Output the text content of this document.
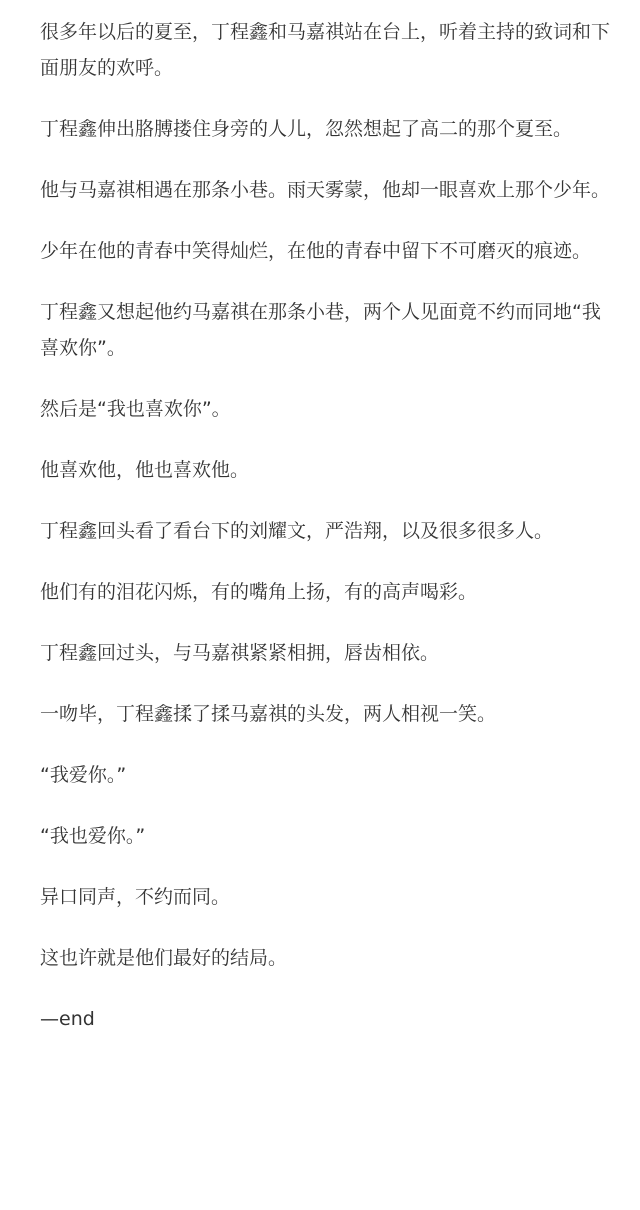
很多年以后的夏至，丁程鑫和马嘉祺站在台上，听着主持的致词和下面朋友的欢呼。

丁程鑫伸出胳膊搂住身旁的人儿，忽然想起了高二的那个夏至。

他与马嘉祺相遇在那条小巷。雨天雾蒙，他却一眼喜欢上那个少年。

少年在他的青春中笑得灿烂，在他的青春中留下不可磨灭的痕迹。

丁程鑫又想起他约马嘉祺在那条小巷，两个人见面竟不约而同地“我喜欢你”。

然后是“我也喜欢你”。

他喜欢他，他也喜欢他。

丁程鑫回头看了看台下的刘耀文，严浩翔，以及很多很多人。

他们有的泪花闪烁，有的嘴角上扬，有的高声喝彩。

丁程鑫回过头，与马嘉祺紧紧相拥，唇齿相依。

一吻毕，丁程鑫揉了揉马嘉祺的头发，两人相视一笑。

“我爱你。”

“我也爱你。”

异口同声，不约而同。

这也许就是他们最好的结局。

—end
